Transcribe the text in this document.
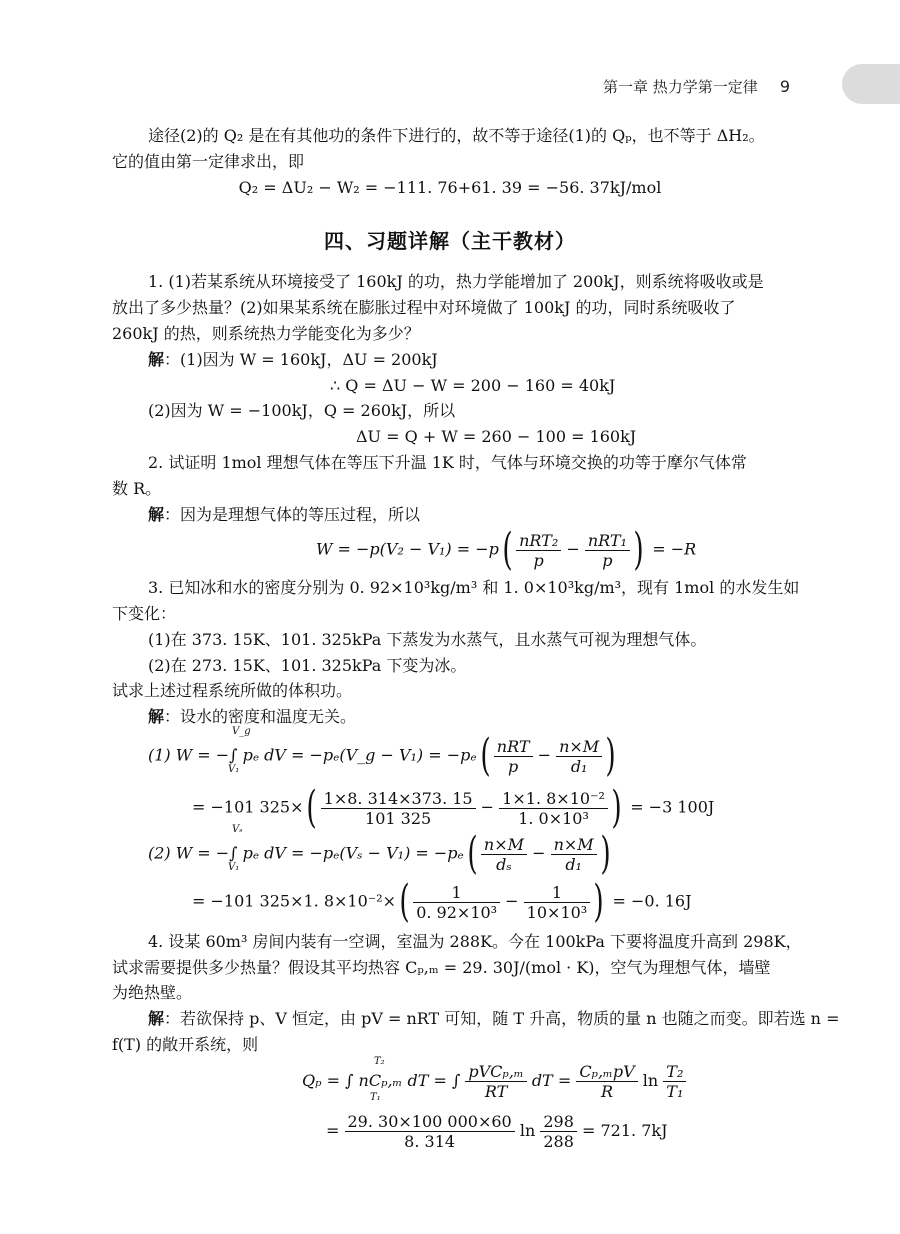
第一章 热力学第一定律 9
途径(2)的 Q₂ 是在有其他功的条件下进行的，故不等于途径(1)的 Qₚ，也不等于 ΔH₂。
它的值由第一定律求出，即
Q₂ = ΔU₂ − W₂ = −111. 76+61. 39 = −56. 37kJ/mol
四、习题详解（主干教材）
1. (1)若某系统从环境接受了 160kJ 的功，热力学能增加了 200kJ，则系统将吸收或是
放出了多少热量？(2)如果某系统在膨胀过程中对环境做了 100kJ 的功，同时系统吸收了
260kJ 的热，则系统热力学能变化为多少？
解：(1)因为 W = 160kJ，ΔU = 200kJ
∴ Q = ΔU − W = 200 − 160 = 40kJ
(2)因为 W = −100kJ，Q = 260kJ，所以
ΔU = Q + W = 260 − 100 = 160kJ
2. 试证明 1mol 理想气体在等压下升温 1K 时，气体与环境交换的功等于摩尔气体常
数 R。
解：因为是理想气体的等压过程，所以
W = −p(V₂ − V₁) = −p( nRT₂
p
− nRT₁
p ) = −R
3. 已知冰和水的密度分别为 0. 92×10³kg/m³ 和 1. 0×10³kg/m³，现有 1mol 的水发生如
下变化：
(1)在 373. 15K、101. 325kPa 下蒸发为水蒸气，且水蒸气可视为理想气体。
(2)在 273. 15K、101. 325kPa 下变为冰。
试求上述过程系统所做的体积功。
解：设水的密度和温度无关。
(1) W = −∫ pₑ dV = −pₑ(V_g − V₁) = −pₑ( nRT
p
− $\frac{n\times M}{\text{d₁}}$ )
V_g
V₁
= −101 $325\times( \frac{1\times 8. 314\times 373. 15}{101 325} - \frac{\text{1×1. 8×10⁻²}}{\text{1. 0×10³}}$ ) = −3 100J
(2) W = −∫ pₑ dV = $-p_e(V_s - V_1) = -p_e( \frac{n\times M}{\text{dₛ}} - \frac{n\times M}{\text{d₁}}$ )
Vₛ
V₁
= −101 325×1. $8\times 10^{-2}\times( \frac{1}{\text{0. 92×10³}} - \frac{1}{\text{10×10³}}$ ) = −0. 16J
4. 设某 60m³ 房间内装有一空调，室温为 288K。今在 100kPa 下要将温度升高到 298K，
试求需要提供多少热量？假设其平均热容 Cₚ,ₘ = 29. 30J/(mol · K)，空气为理想气体，墙壁
为绝热壁。
解：若欲保持 p、V 恒定，由 pV = nRT 可知，随 T 升高，物质的量 n 也随之而变。即若选 n =
f(T) 的敞开系统，则
Qₚ = ∫ nCₚ,ₘ dT = ∫ pVCₚ,ₘ
RT
dT = Cₚ,ₘpV
R
$\ln \frac{\text{T₂}}{\text{T₁}}$
T₂
T₁
= $\frac{29. 30\times 100 000\times 60}{8. 314}$ $\ln \frac{298}{288} = 721$. 7kJ
